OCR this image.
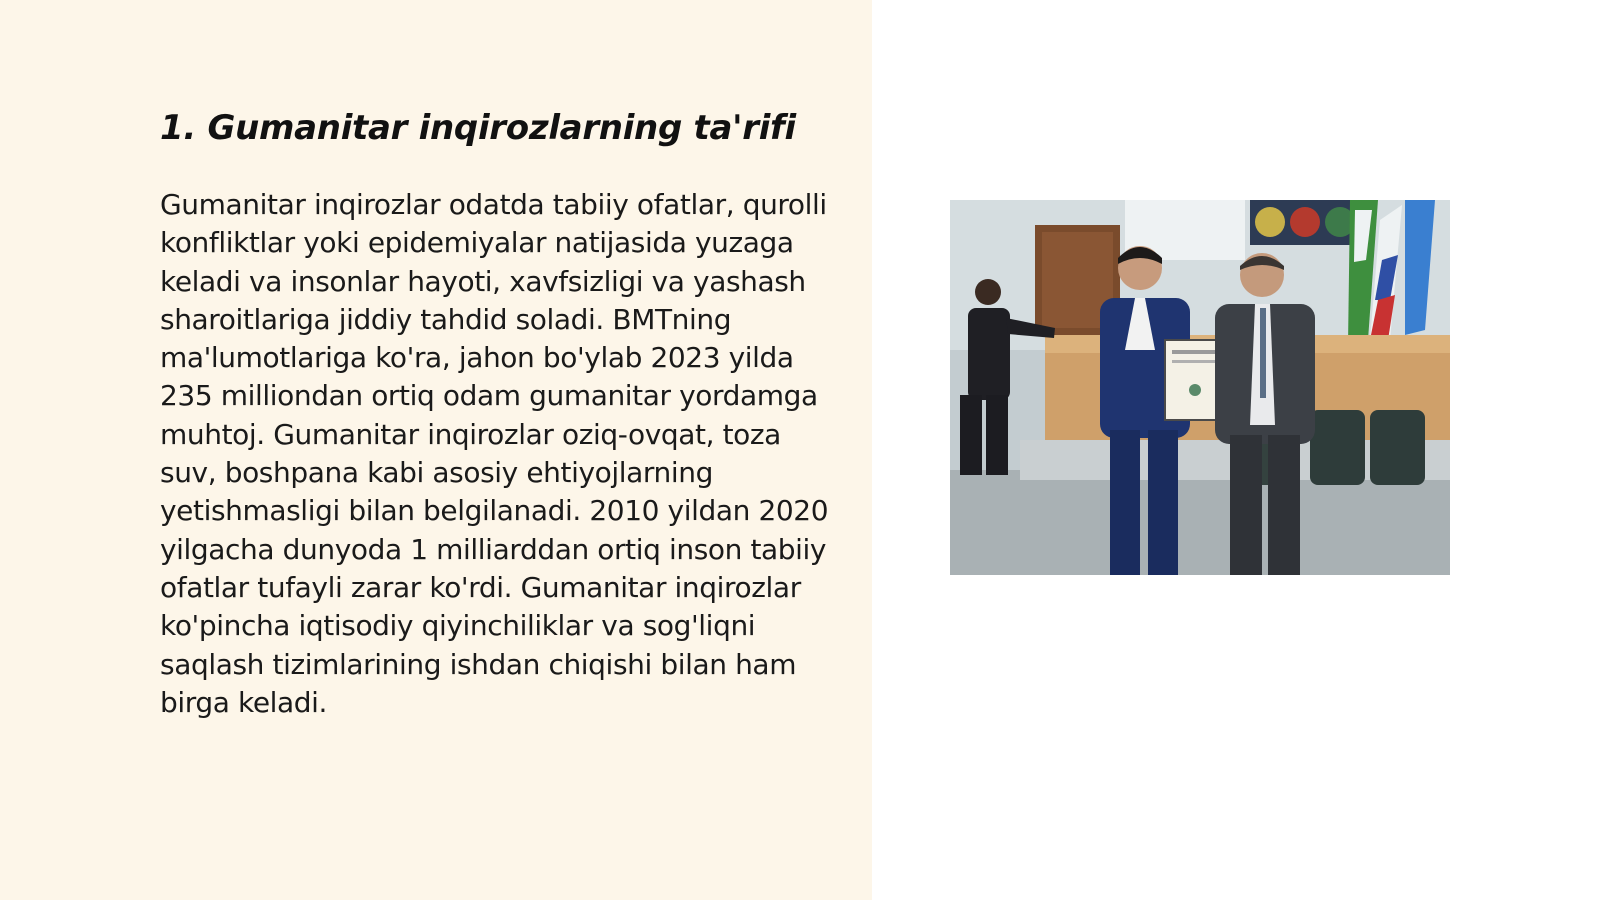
1. Gumanitar inqirozlarning ta'rifi

Gumanitar inqirozlar odatda tabiiy ofatlar, qurolli konfliktlar yoki epidemiyalar natijasida yuzaga keladi va insonlar hayoti, xavfsizligi va yashash sharoitlariga jiddiy tahdid soladi. BMTning ma'lumotlariga ko'ra, jahon bo'ylab 2023 yilda 235 milliondan ortiq odam gumanitar yordamga muhtoj. Gumanitar inqirozlar oziq-ovqat, toza suv, boshpana kabi asosiy ehtiyojlarning yetishmasligi bilan belgilanadi. 2010 yildan 2020 yilgacha dunyoda 1 milliarddan ortiq inson tabiiy ofatlar tufayli zarar ko'rdi. Gumanitar inqirozlar ko'pincha iqtisodiy qiyinchiliklar va sog'liqni saqlash tizimlarining ishdan chiqishi bilan ham birga keladi.
